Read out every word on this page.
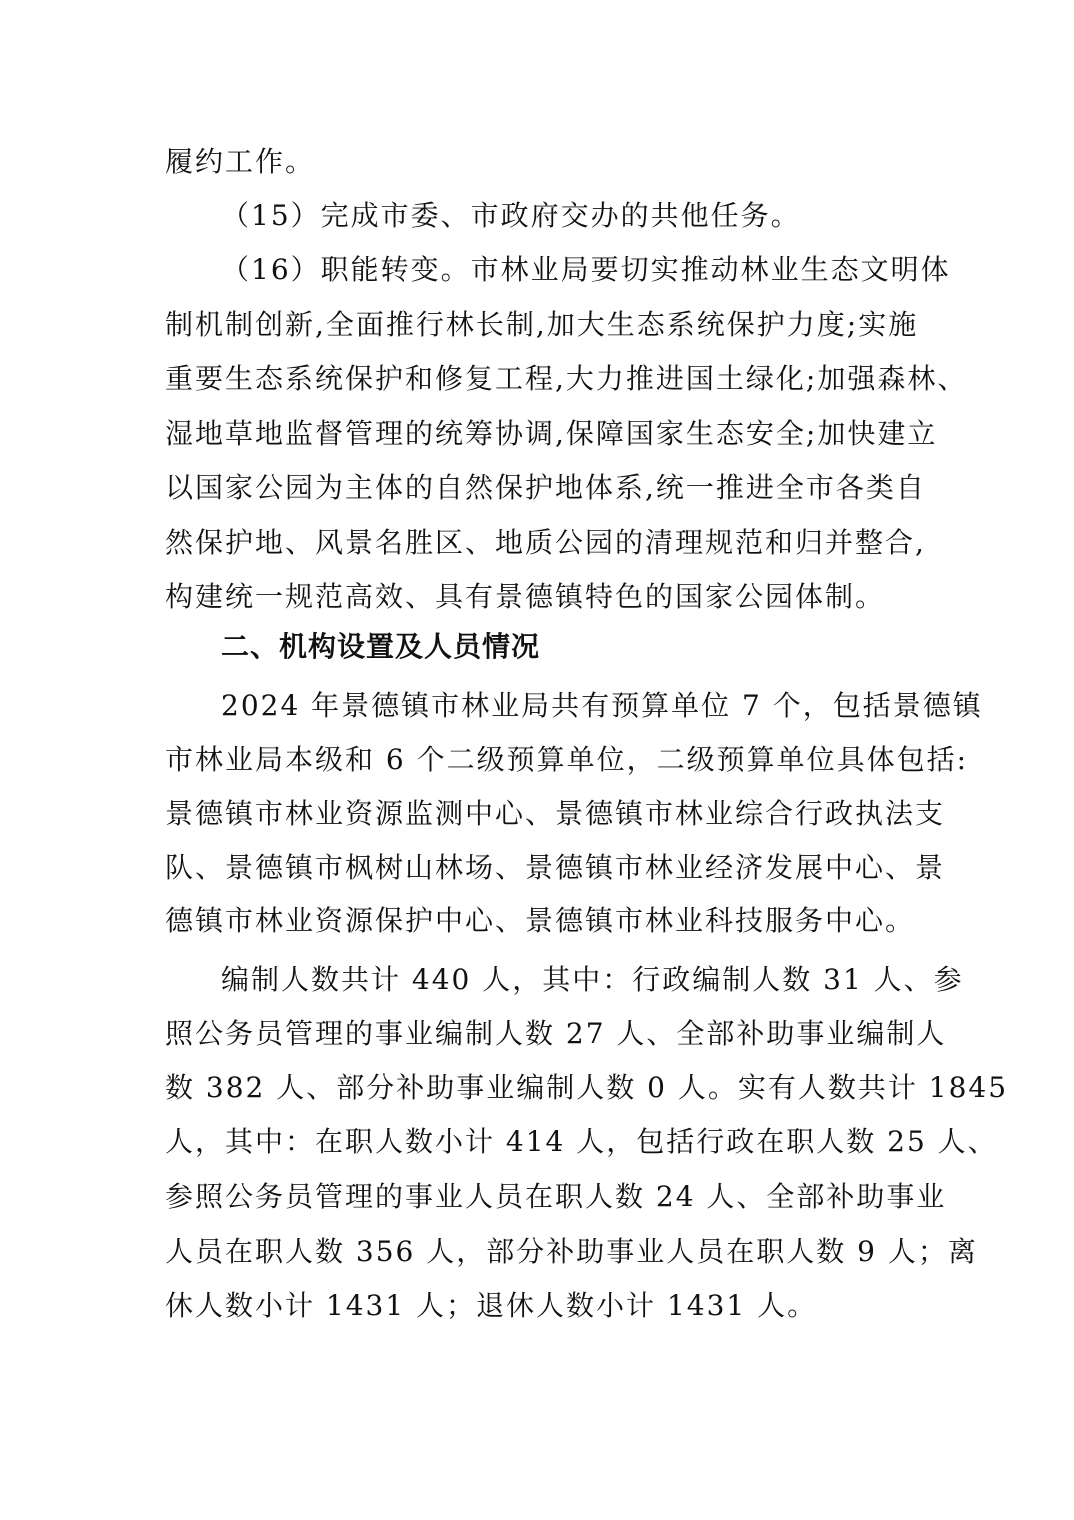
履约工作。
（15）完成市委、市政府交办的共他任务。
（16）职能转变。市林业局要切实推动林业生态文明体
制机制创新,全面推行林长制,加大生态系统保护力度;实施
重要生态系统保护和修复工程,大力推进国土绿化;加强森林、
湿地草地监督管理的统筹协调,保障国家生态安全;加快建立
以国家公园为主体的自然保护地体系,统一推进全市各类自
然保护地、风景名胜区、地质公园的清理规范和归并整合,
构建统一规范高效、具有景德镇特色的国家公园体制。
二、机构设置及人员情况
2024 年景德镇市林业局共有预算单位 7 个，包括景德镇
市林业局本级和 6 个二级预算单位，二级预算单位具体包括:
景德镇市林业资源监测中心、景德镇市林业综合行政执法支
队、景德镇市枫树山林场、景德镇市林业经济发展中心、景
德镇市林业资源保护中心、景德镇市林业科技服务中心。
编制人数共计 440 人，其中：行政编制人数 31 人、参
照公务员管理的事业编制人数 27 人、全部补助事业编制人
数 382 人、部分补助事业编制人数 0 人。实有人数共计 1845
人，其中：在职人数小计 414 人，包括行政在职人数 25 人、
参照公务员管理的事业人员在职人数 24 人、全部补助事业
人员在职人数 356 人，部分补助事业人员在职人数 9 人；离
休人数小计 1431 人；退休人数小计 1431 人。
